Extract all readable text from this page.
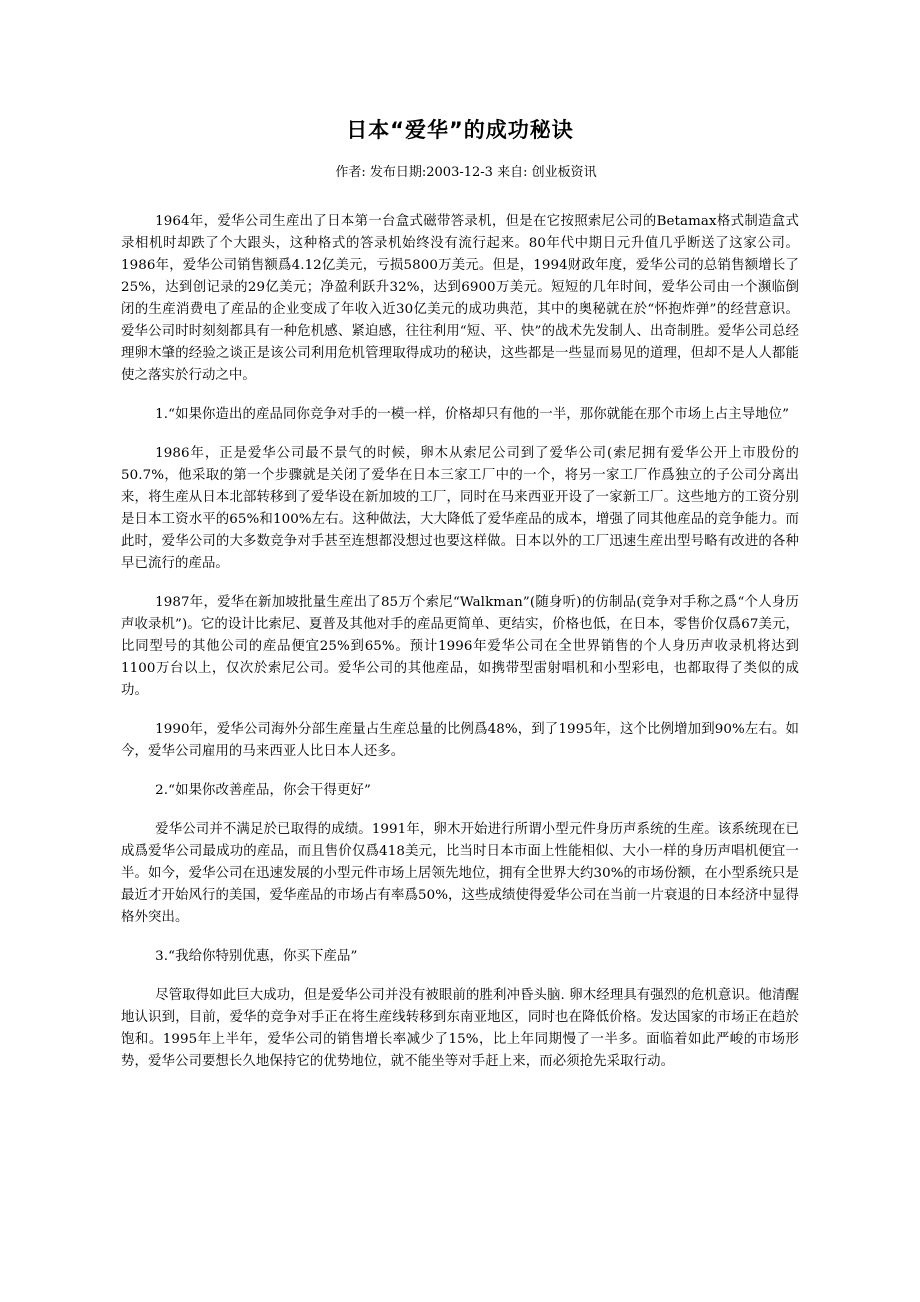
日本“爱华”的成功秘诀
作者: 发布日期:2003-12-3 来自: 创业板资讯

1964年，爱华公司生産出了日本第一台盒式磁带答录机，但是在它按照索尼公司的Betamax格式制造盒式录相机时却跌了个大跟头，这种格式的答录机始终没有流行起来。80年代中期日元升值几乎断送了这家公司。1986年，爱华公司销售额爲4.12亿美元，亏损5800万美元。但是，1994财政年度，爱华公司的总销售额增长了25%，达到创记录的29亿美元；净盈利跃升32%，达到6900万美元。短短的几年时间，爱华公司由一个濒临倒闭的生産消费电了産品的企业变成了年收入近30亿美元的成功典范，其中的奥秘就在於“怀抱炸弹”的经营意识。爱华公司时时刻刻都具有一种危机感、紧迫感，往往利用“短、平、快”的战术先发制人、出奇制胜。爱华公司总经理卵木肇的经验之谈正是该公司利用危机管理取得成功的秘诀，这些都是一些显而易见的道理，但却不是人人都能使之落实於行动之中。

1.“如果你造出的産品同你竞争对手的一模一样，价格却只有他的一半，那你就能在那个市场上占主导地位”

1986年，正是爱华公司最不景气的时候，卵木从索尼公司到了爱华公司(索尼拥有爱华公开上市股份的50.7%，他采取的第一个步骤就是关闭了爱华在日本三家工厂中的一个，将另一家工厂作爲独立的子公司分离出来，将生産从日本北部转移到了爱华设在新加坡的工厂，同时在马来西亚开设了一家新工厂。这些地方的工资分别是日本工资水平的65%和100%左右。这种做法，大大降低了爱华産品的成本，增强了同其他産品的竞争能力。而此时，爱华公司的大多数竞争对手甚至连想都没想过也要这样做。日本以外的工厂迅速生産出型号略有改进的各种早已流行的産品。

1987年，爱华在新加坡批量生産出了85万个索尼“Walkman”(随身听)的仿制品(竞争对手称之爲“个人身历声收录机”)。它的设计比索尼、夏普及其他对手的産品更简单、更结实，价格也低，在日本，零售价仅爲67美元，比同型号的其他公司的産品便宜25%到65%。预计1996年爱华公司在全世界销售的个人身历声收录机将达到1100万台以上，仅次於索尼公司。爱华公司的其他産品，如携带型雷射唱机和小型彩电，也都取得了类似的成功。

1990年，爱华公司海外分部生産量占生産总量的比例爲48%，到了1995年，这个比例增加到90%左右。如今，爱华公司雇用的马来西亚人比日本人还多。

2.“如果你改善産品，你会干得更好”

爱华公司并不满足於已取得的成绩。1991年，卵木开始进行所谓小型元件身历声系统的生産。该系统现在已成爲爱华公司最成功的産品，而且售价仅爲418美元，比当时日本市面上性能相似、大小一样的身历声唱机便宜一半。如今，爱华公司在迅速发展的小型元件市场上居领先地位，拥有全世界大约30%的市场份额，在小型系统只是最近才开始风行的美国，爱华産品的市场占有率爲50%，这些成绩使得爱华公司在当前一片衰退的日本经济中显得格外突出。

3.“我给你特别优惠，你买下産品”

尽管取得如此巨大成功，但是爱华公司并没有被眼前的胜利冲昏头脑. 卵木经理具有强烈的危机意识。他清醒地认识到，目前，爱华的竞争对手正在将生産线转移到东南亚地区，同时也在降低价格。发达国家的市场正在趋於饱和。1995年上半年，爱华公司的销售增长率减少了15%，比上年同期慢了一半多。面临着如此严峻的市场形势，爱华公司要想长久地保持它的优势地位，就不能坐等对手赶上来，而必须抢先采取行动。
